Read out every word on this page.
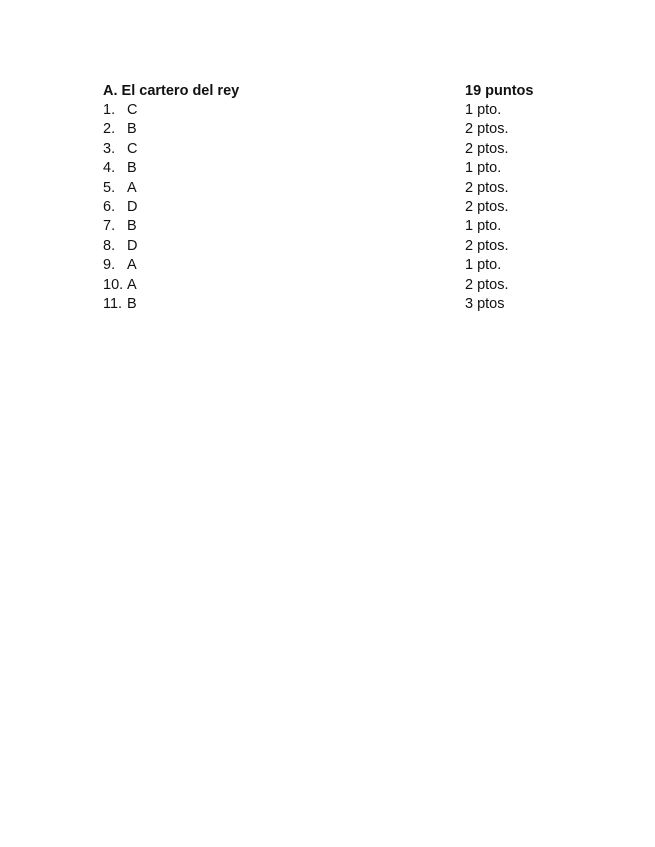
A. El cartero del rey	19 puntos
1. C	1 pto.
2. B	2 ptos.
3. C	2 ptos.
4. B	1 pto.
5. A	2 ptos.
6. D	2 ptos.
7. B	1 pto.
8. D	2 ptos.
9. A	1 pto.
10. A	2 ptos.
11. B	3 ptos
